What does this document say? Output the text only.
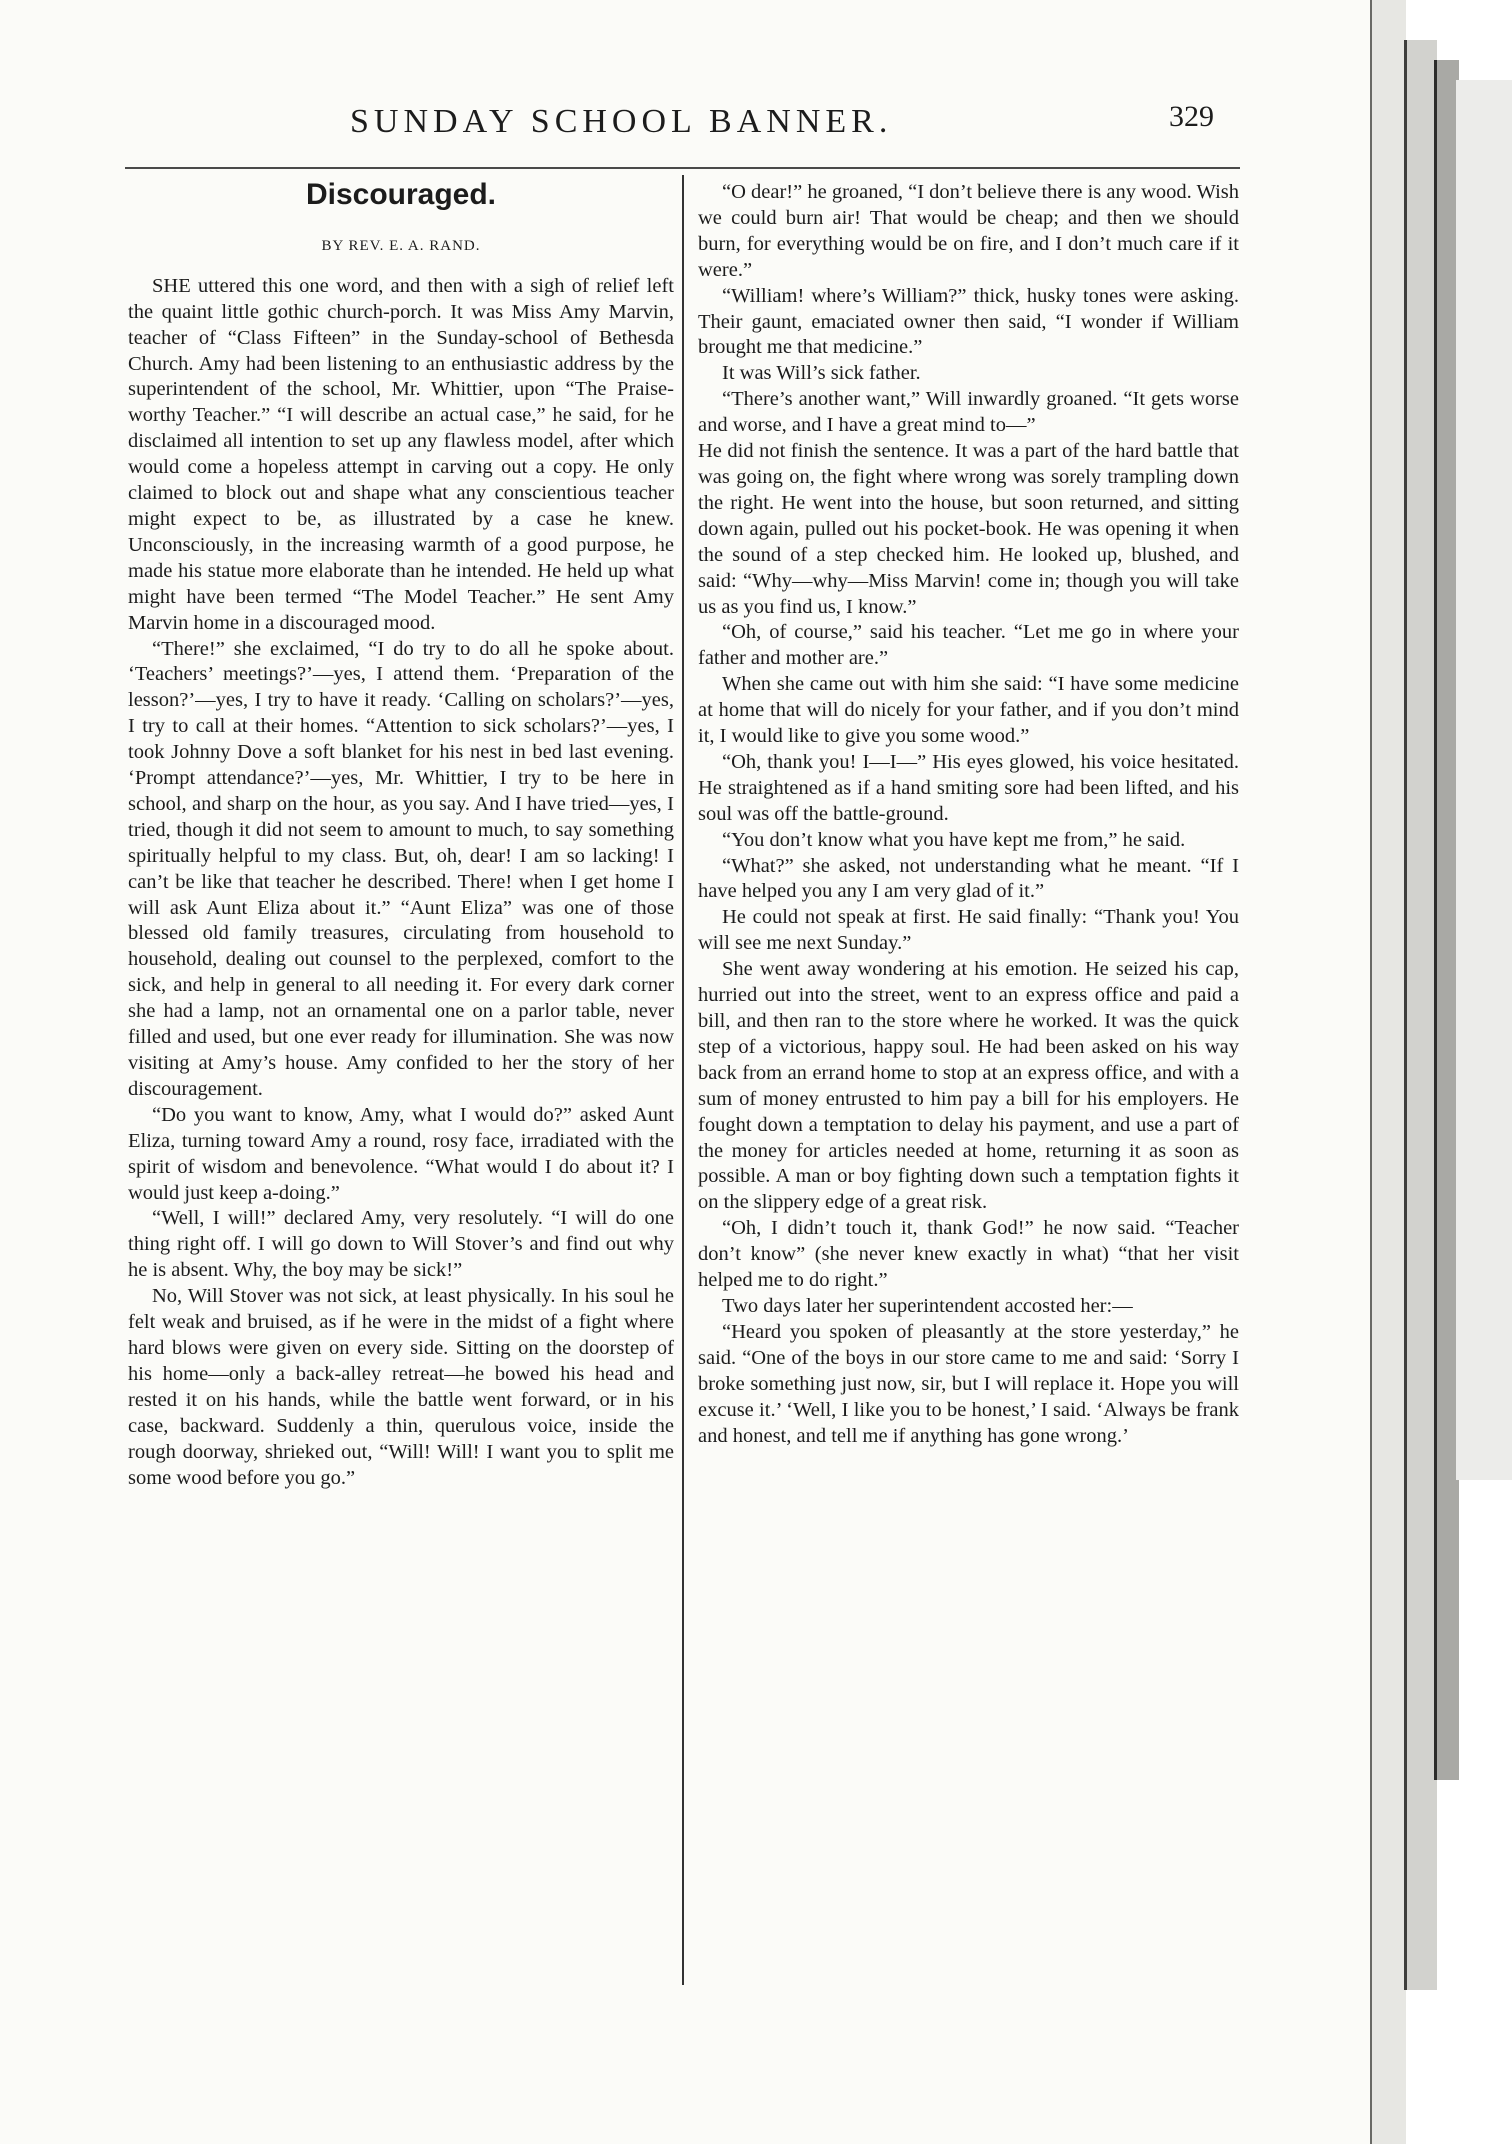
SUNDAY SCHOOL BANNER.	329
Discouraged.
BY REV. E. A. RAND.

SHE uttered this one word, and then with a sigh of relief left the quaint little gothic church-porch. It was Miss Amy Marvin, teacher of “Class Fifteen” in the Sunday-school of Bethesda Church. Amy had been listening to an enthusiastic address by the superintendent of the school, Mr. Whittier, upon “The Praiseworthy Teacher.” “I will describe an actual case,” he said, for he disclaimed all intention to set up any flawless model, after which would come a hopeless attempt in carving out a copy. He only claimed to block out and shape what any conscientious teacher might expect to be, as illustrated by a case he knew. Unconsciously, in the increasing warmth of a good purpose, he made his statue more elaborate than he intended. He held up what might have been termed “The Model Teacher.” He sent Amy Marvin home in a discouraged mood.

“There!” she exclaimed, “I do try to do all he spoke about. ‘Teachers’ meetings?’—yes, I attend them. ‘Preparation of the lesson?’—yes, I try to have it ready. ‘Calling on scholars?’—yes, I try to call at their homes. “Attention to sick scholars?’—yes, I took Johnny Dove a soft blanket for his nest in bed last evening. ‘Prompt attendance?’—yes, Mr. Whittier, I try to be here in school, and sharp on the hour, as you say. And I have tried—yes, I tried, though it did not seem to amount to much, to say something spiritually helpful to my class. But, oh, dear! I am so lacking! I can’t be like that teacher he described. There! when I get home I will ask Aunt Eliza about it.” “Aunt Eliza” was one of those blessed old family treasures, circulating from household to household, dealing out counsel to the perplexed, comfort to the sick, and help in general to all needing it. For every dark corner she had a lamp, not an ornamental one on a parlor table, never filled and used, but one ever ready for illumination. She was now visiting at Amy’s house. Amy confided to her the story of her discouragement.

“Do you want to know, Amy, what I would do?” asked Aunt Eliza, turning toward Amy a round, rosy face, irradiated with the spirit of wisdom and benevolence. “What would I do about it? I would just keep a-doing.”

“Well, I will!” declared Amy, very resolutely. “I will do one thing right off. I will go down to Will Stover’s and find out why he is absent. Why, the boy may be sick!”

No, Will Stover was not sick, at least physically. In his soul he felt weak and bruised, as if he were in the midst of a fight where hard blows were given on every side. Sitting on the doorstep of his home—only a back-alley retreat—he bowed his head and rested it on his hands, while the battle went forward, or in his case, backward. Suddenly a thin, querulous voice, inside the rough doorway, shrieked out, “Will! Will! I want you to split me some wood before you go.”

“O dear!” he groaned, “I don’t believe there is any wood. Wish we could burn air! That would be cheap; and then we should burn, for everything would be on fire, and I don’t much care if it were.”

“William! where’s William?” thick, husky tones were asking. Their gaunt, emaciated owner then said, “I wonder if William brought me that medicine.”

It was Will’s sick father.

“There’s another want,” Will inwardly groaned. “It gets worse and worse, and I have a great mind to—”

He did not finish the sentence. It was a part of the hard battle that was going on, the fight where wrong was sorely trampling down the right. He went into the house, but soon returned, and sitting down again, pulled out his pocket-book. He was opening it when the sound of a step checked him. He looked up, blushed, and said: “Why—why—Miss Marvin! come in; though you will take us as you find us, I know.”

“Oh, of course,” said his teacher. “Let me go in where your father and mother are.”

When she came out with him she said: “I have some medicine at home that will do nicely for your father, and if you don’t mind it, I would like to give you some wood.”

“Oh, thank you! I—I—” His eyes glowed, his voice hesitated. He straightened as if a hand smiting sore had been lifted, and his soul was off the battle-ground.

“You don’t know what you have kept me from,” he said.

“What?” she asked, not understanding what he meant. “If I have helped you any I am very glad of it.”

He could not speak at first. He said finally: “Thank you! You will see me next Sunday.”

She went away wondering at his emotion. He seized his cap, hurried out into the street, went to an express office and paid a bill, and then ran to the store where he worked. It was the quick step of a victorious, happy soul. He had been asked on his way back from an errand home to stop at an express office, and with a sum of money entrusted to him pay a bill for his employers. He fought down a temptation to delay his payment, and use a part of the money for articles needed at home, returning it as soon as possible. A man or boy fighting down such a temptation fights it on the slippery edge of a great risk.

“Oh, I didn’t touch it, thank God!” he now said. “Teacher don’t know” (she never knew exactly in what) “that her visit helped me to do right.”

Two days later her superintendent accosted her:—

“Heard you spoken of pleasantly at the store yesterday,” he said. “One of the boys in our store came to me and said: ‘Sorry I broke something just now, sir, but I will replace it. Hope you will excuse it.’ ‘Well, I like you to be honest,’ I said. ‘Always be frank and honest, and tell me if anything has gone wrong.’
